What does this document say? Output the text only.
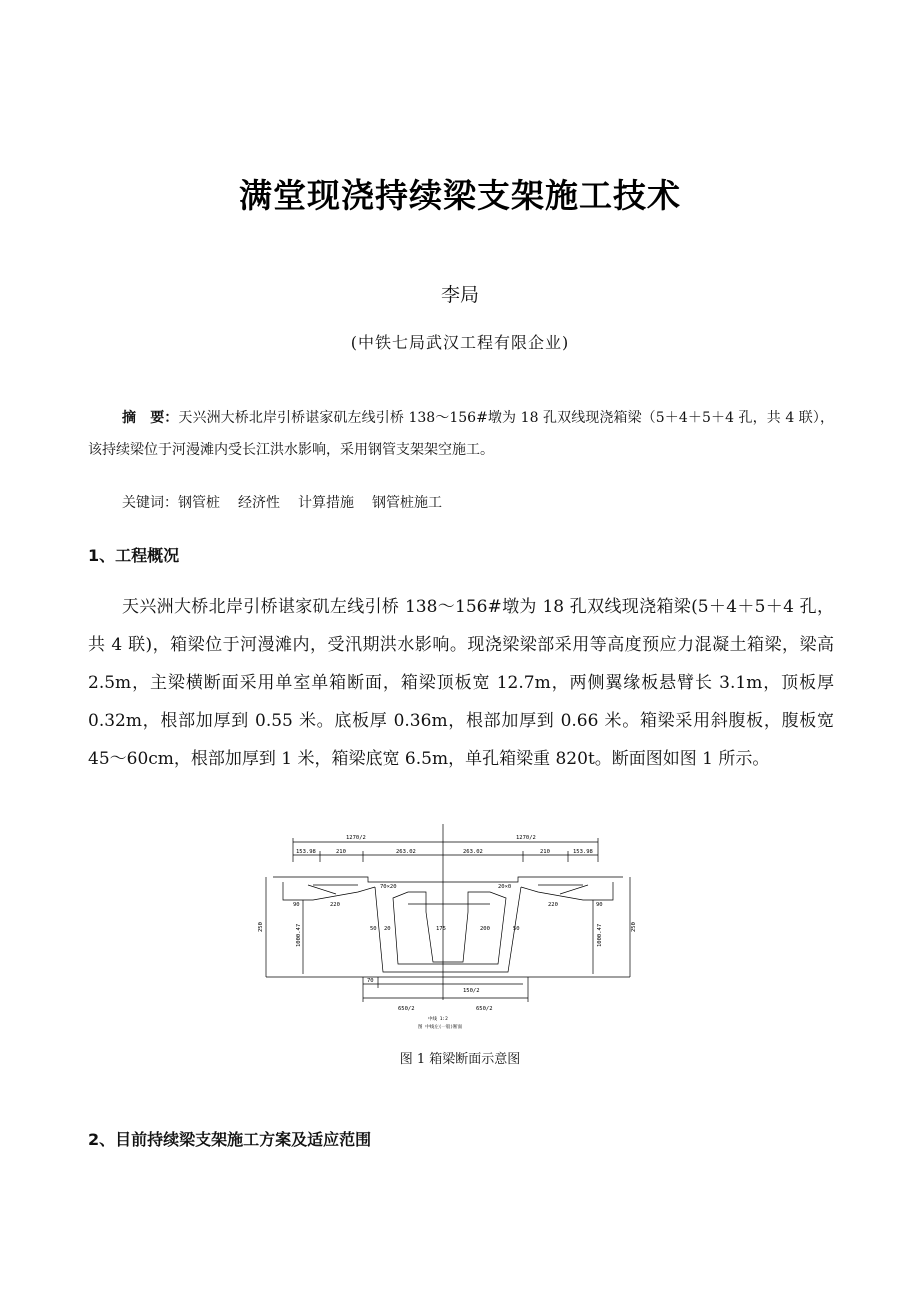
满堂现浇持续梁支架施工技术
李局
(中铁七局武汉工程有限企业)
摘　要：天兴洲大桥北岸引桥谌家矶左线引桥 138～156#墩为 18 孔双线现浇箱梁（5＋4＋5＋4 孔，共 4 联），该持续梁位于河漫滩内受长江洪水影响，采用钢管支架架空施工。
关键词：钢管桩 经济性 计算措施 钢管桩施工
1、工程概况
天兴洲大桥北岸引桥谌家矶左线引桥 138～156#墩为 18 孔双线现浇箱梁(5＋4＋5＋4 孔，共 4 联)，箱梁位于河漫滩内，受汛期洪水影响。现浇梁梁部采用等高度预应力混凝土箱梁，梁高 2.5m，主梁横断面采用单室单箱断面，箱梁顶板宽 12.7m，两侧翼缘板悬臂长 3.1m，顶板厚 0.32m，根部加厚到 0.55 米。底板厚 0.36m，根部加厚到 0.66 米。箱梁采用斜腹板，腹板宽 45～60cm，根部加厚到 1 米，箱梁底宽 6.5m，单孔箱梁重 820t。断面图如图 1 所示。
1270/2	1270/2
153.98	210	263.02	263.02	210	153.98
70×20
175	200
20×0
50
220
90
20	50
90
220
150/2
70
650/2	650/2
250	250
1000.47	1000.47
中线 1:2
图 中线左(一般)断面
图 1 箱梁断面示意图
2、目前持续梁支架施工方案及适应范围
